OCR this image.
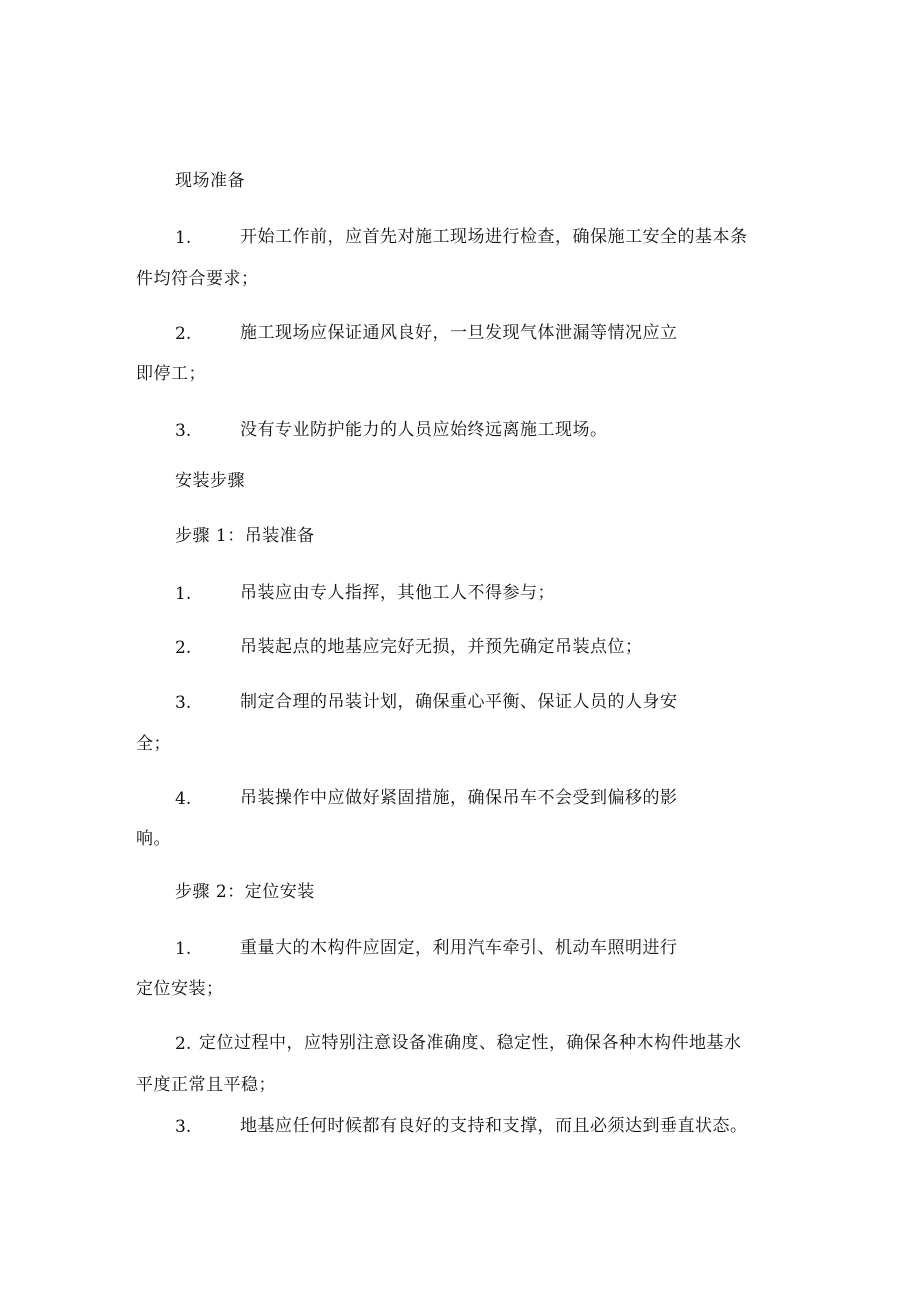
现场准备
1.	开始工作前，应首先对施工现场进行检查，确保施工安全的基本条
件均符合要求；
2.	施工现场应保证通风良好，一旦发现气体泄漏等情况应立
即停工；
3.	没有专业防护能力的人员应始终远离施工现场。
安装步骤
步骤 1：吊装准备
1.	吊装应由专人指挥，其他工人不得参与；
2.	吊装起点的地基应完好无损，并预先确定吊装点位；
3.	制定合理的吊装计划，确保重心平衡、保证人员的人身安
全；
4.	吊装操作中应做好紧固措施，确保吊车不会受到偏移的影
响。
步骤 2：定位安装
1.	重量大的木构件应固定，利用汽车牵引、机动车照明进行
定位安装；
2. 定位过程中，应特别注意设备准确度、稳定性，确保各种木构件地基水
平度正常且平稳；
3.	地基应任何时候都有良好的支持和支撑，而且必须达到垂直状态。
